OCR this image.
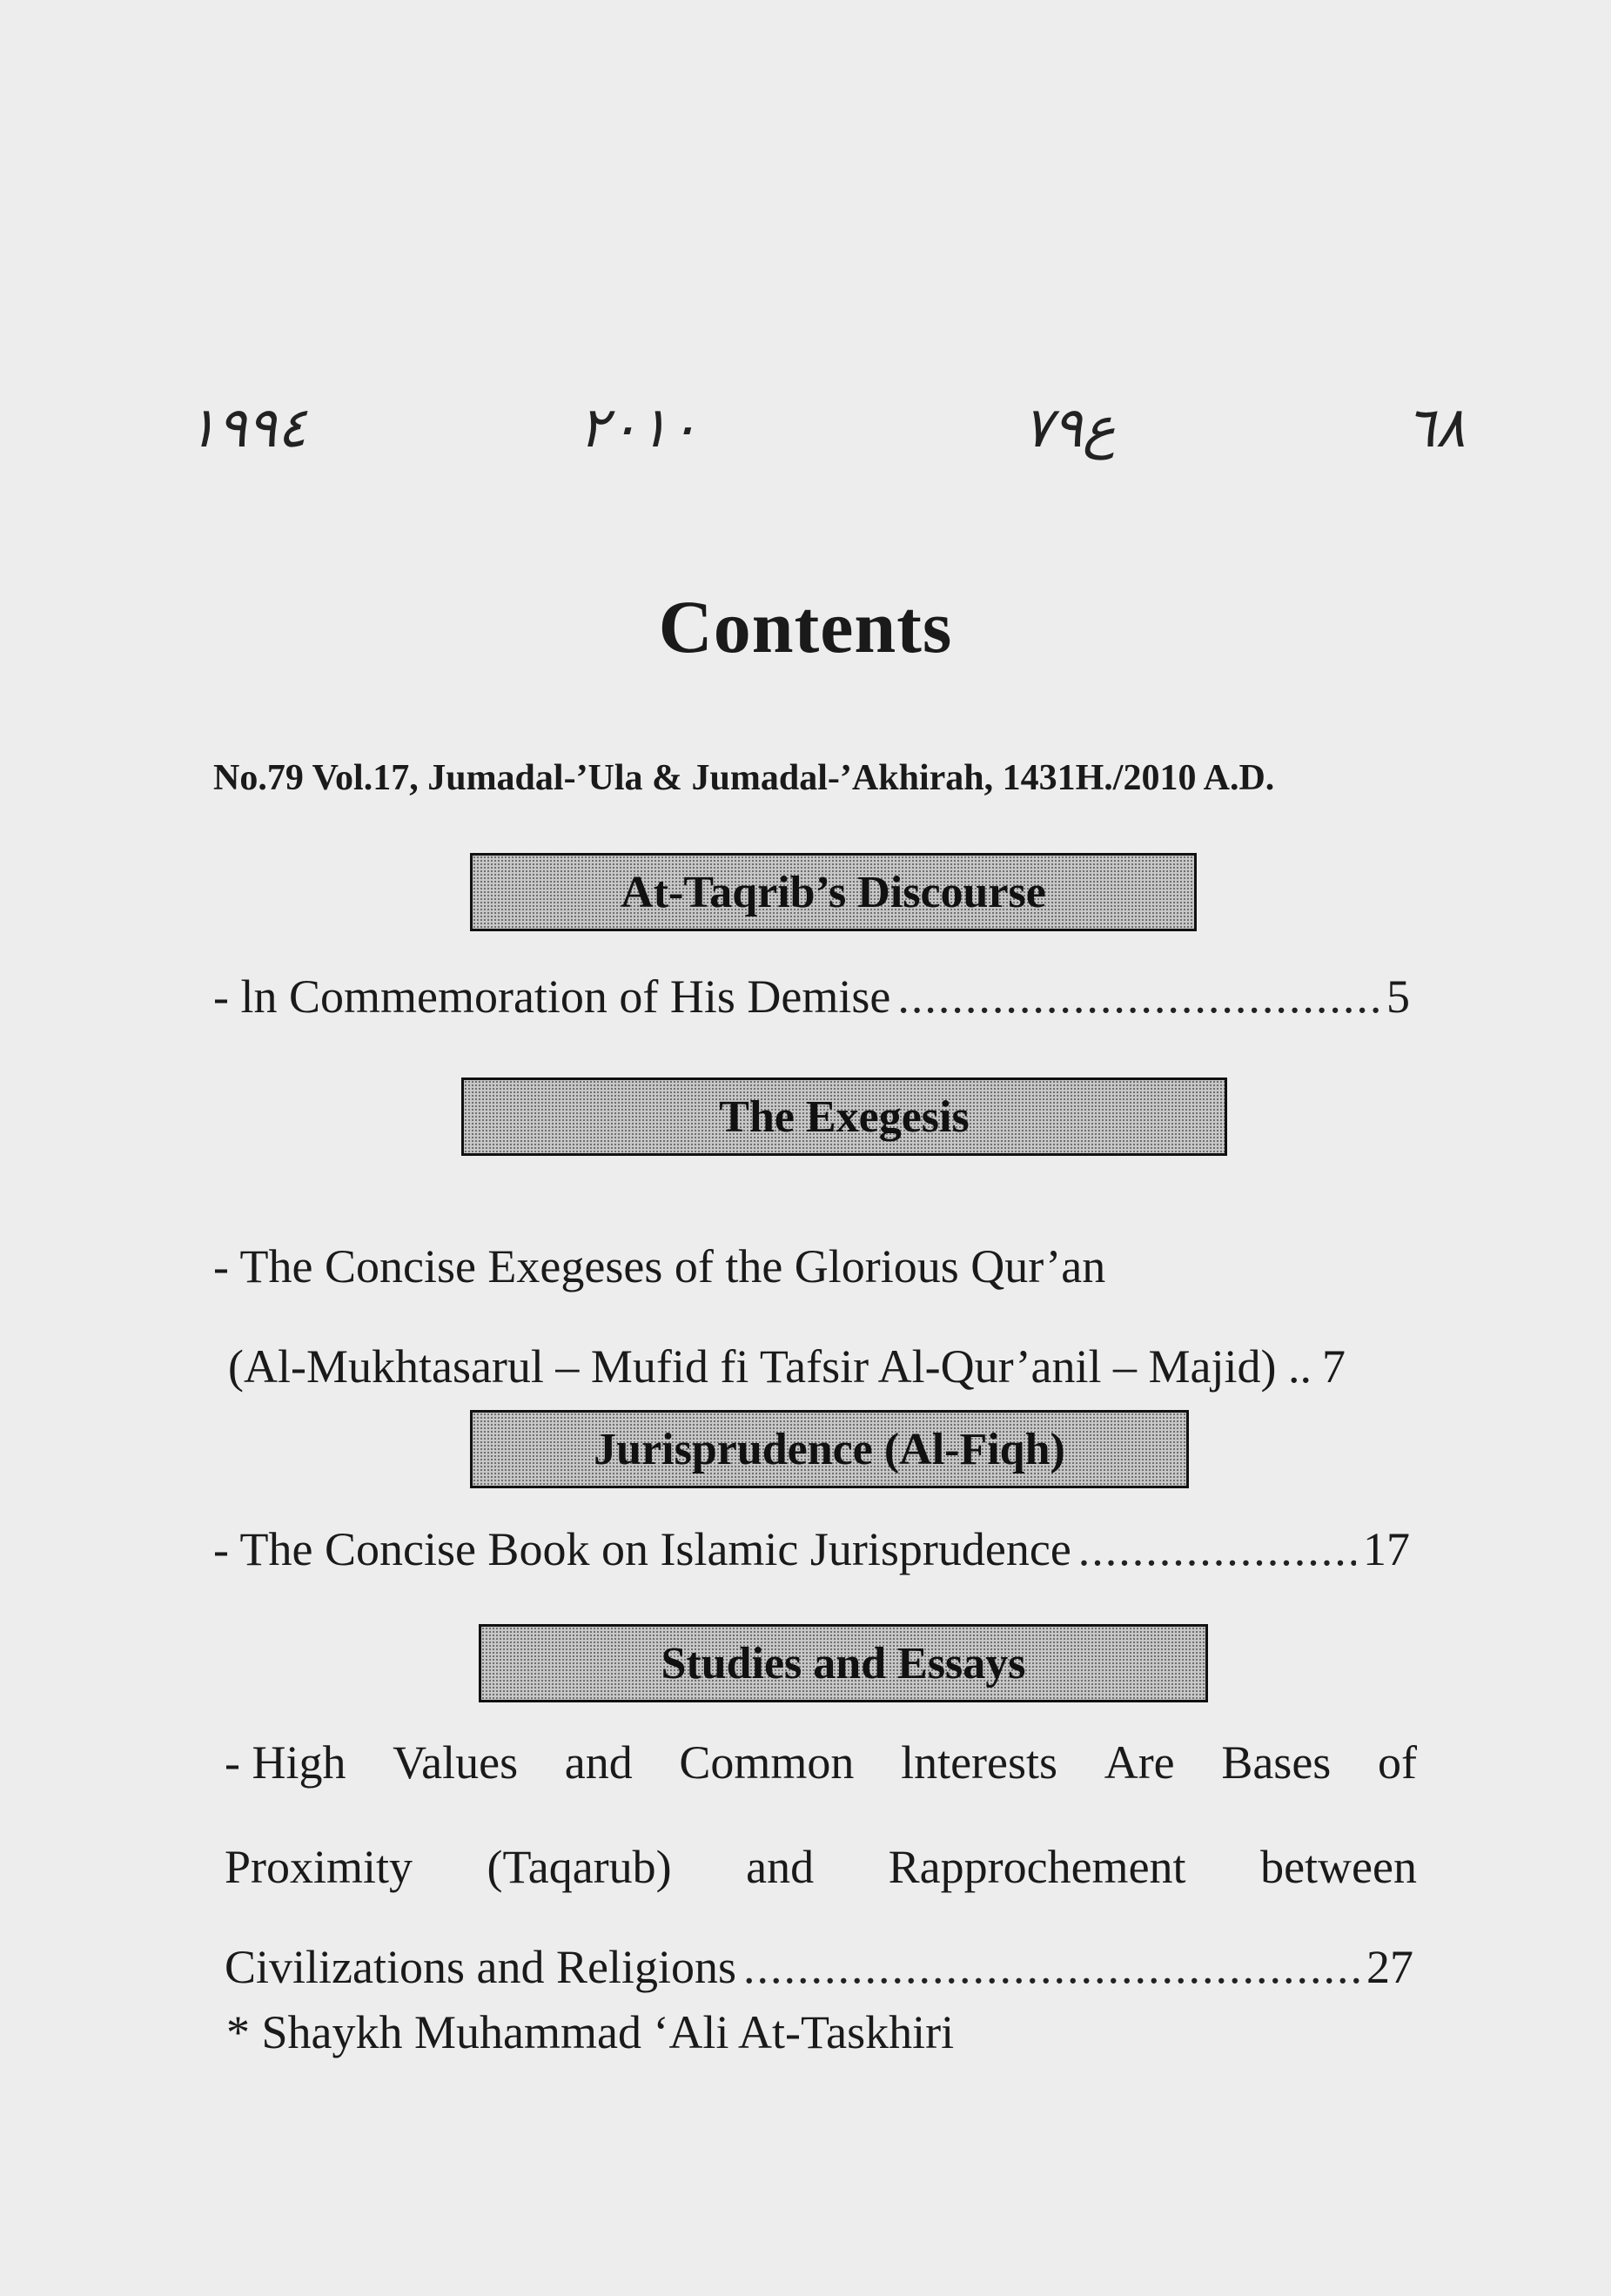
١٩٩٤	٢٠١٠	ع٧٩	٦٨
Contents

No.79 Vol.17, Jumadal-’Ula & Jumadal-’Akhirah, 1431H./2010 A.D.

At-Taqrib’s Discourse

- ln Commemoration of His Demise .....	5

The Exegesis

- The Concise Exegeses of the Glorious Qur’an

(Al-Mukhtasarul – Mufid fi Tafsir Al-Qur’anil – Majid) .. 7

Jurisprudence (Al-Fiqh)

- The Concise Book on Islamic Jurisprudence .....	17

Studies and Essays

- High Values and Common lnterests Are Bases of

Proximity (Taqarub) and Rapprochement between

Civilizations and Religions .....	27

* Shaykh Muhammad ‘Ali At-Taskhiri
